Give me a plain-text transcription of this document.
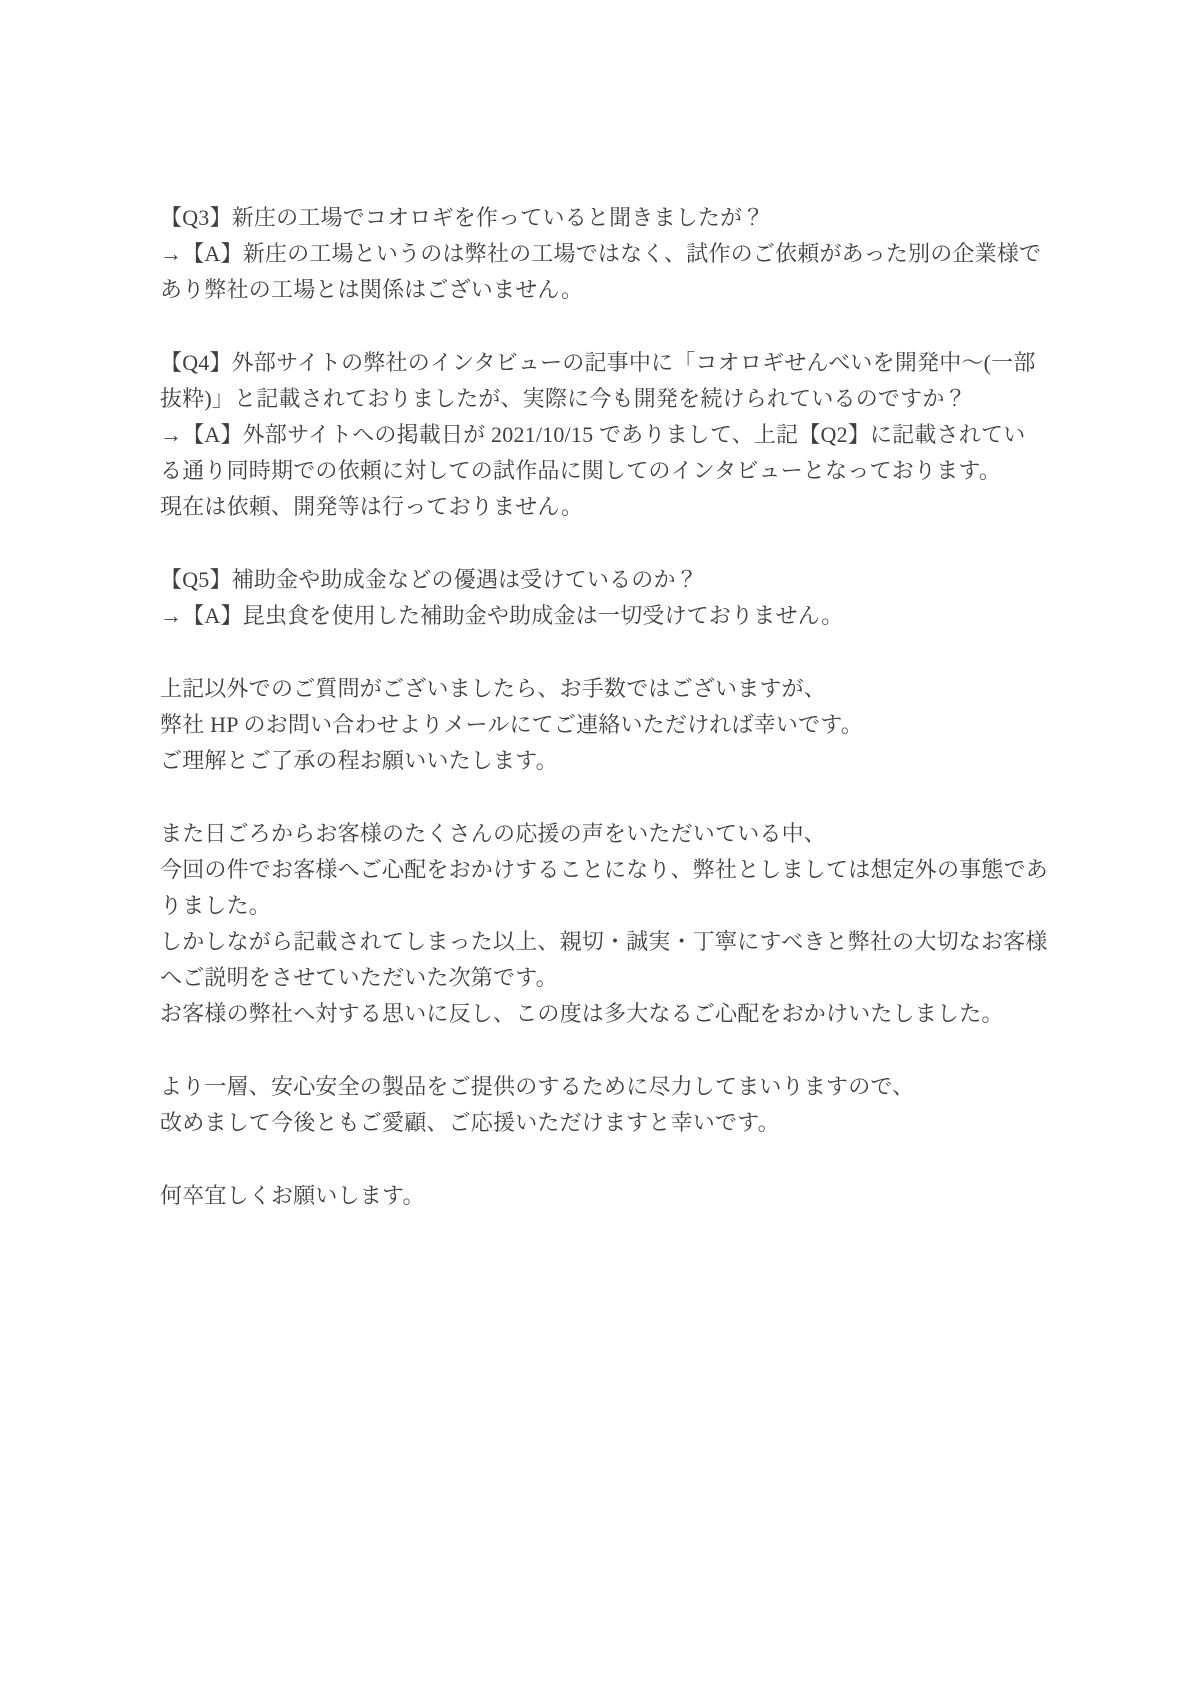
【Q3】新庄の工場でコオロギを作っていると聞きましたが？
→【A】新庄の工場というのは弊社の工場ではなく、試作のご依頼があった別の企業様で
あり弊社の工場とは関係はございません。
【Q4】外部サイトの弊社のインタビューの記事中に「コオロギせんべいを開発中～(一部
抜粋)」と記載されておりましたが、実際に今も開発を続けられているのですか？
→【A】外部サイトへの掲載日が 2021/10/15 でありまして、上記【Q2】に記載されてい
る通り同時期での依頼に対しての試作品に関してのインタビューとなっております。
現在は依頼、開発等は行っておりません。
【Q5】補助金や助成金などの優遇は受けているのか？
→【A】昆虫食を使用した補助金や助成金は一切受けておりません。
上記以外でのご質問がございましたら、お手数ではございますが、
弊社 HP のお問い合わせよりメールにてご連絡いただければ幸いです。
ご理解とご了承の程お願いいたします。
また日ごろからお客様のたくさんの応援の声をいただいている中、
今回の件でお客様へご心配をおかけすることになり、弊社としましては想定外の事態であ
りました。
しかしながら記載されてしまった以上、親切・誠実・丁寧にすべきと弊社の大切なお客様
へご説明をさせていただいた次第です。
お客様の弊社へ対する思いに反し、この度は多大なるご心配をおかけいたしました。
より一層、安心安全の製品をご提供のするために尽力してまいりますので、
改めまして今後ともご愛顧、ご応援いただけますと幸いです。
何卒宜しくお願いします。
